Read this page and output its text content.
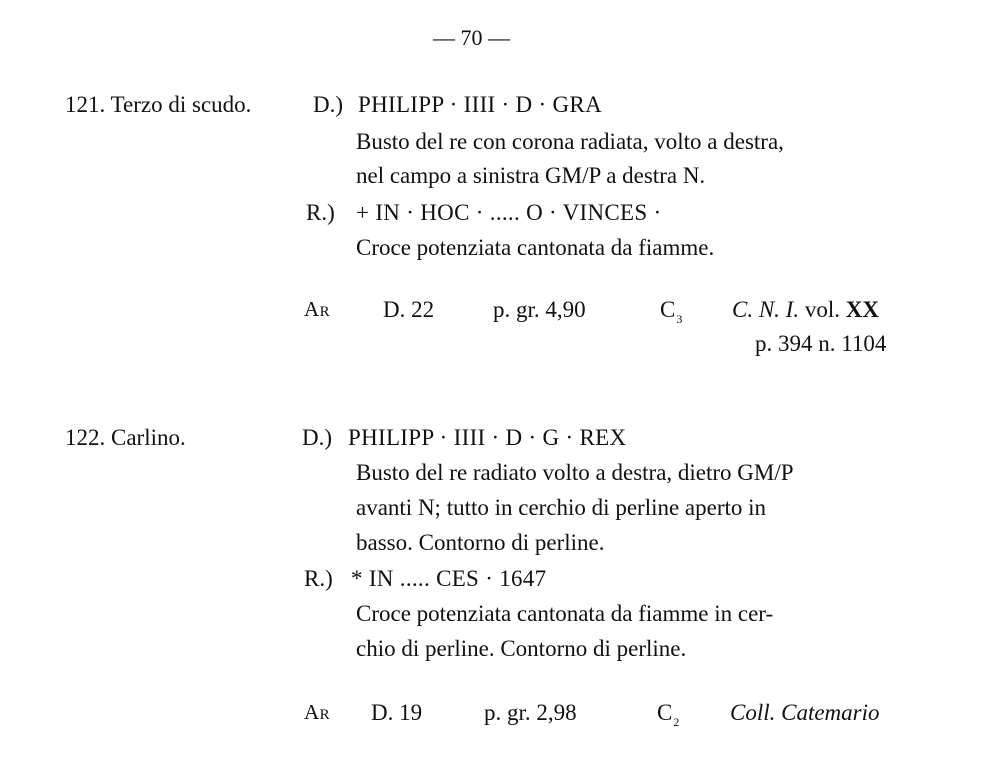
— 70 —
121. Terzo di scudo.	D.) PHILIPP · IIII · D · GRA
Busto del re con corona radiata, volto a destra,
nel campo a sinistra GM/P a destra N.
R.) + IN · HOC · ..... O · VINCES ·
Croce potenziata cantonata da fiamme.
AR D. 22	p. gr. 4,90	$C_3$ C. N. I. vol. XX
p. 394 n. 1104
122. Carlino.	D.) PHILIPP · IIII · D · G · REX
Busto del re radiato volto a destra, dietro GM/P
avanti N; tutto in cerchio di perline aperto in
basso. Contorno di perline.
R.) * IN ..... CES · 1647
Croce potenziata cantonata da fiamme in cer-
chio di perline. Contorno di perline.
AR D. 19	p. gr. 2,98	$C_2$ Coll. Catemario
